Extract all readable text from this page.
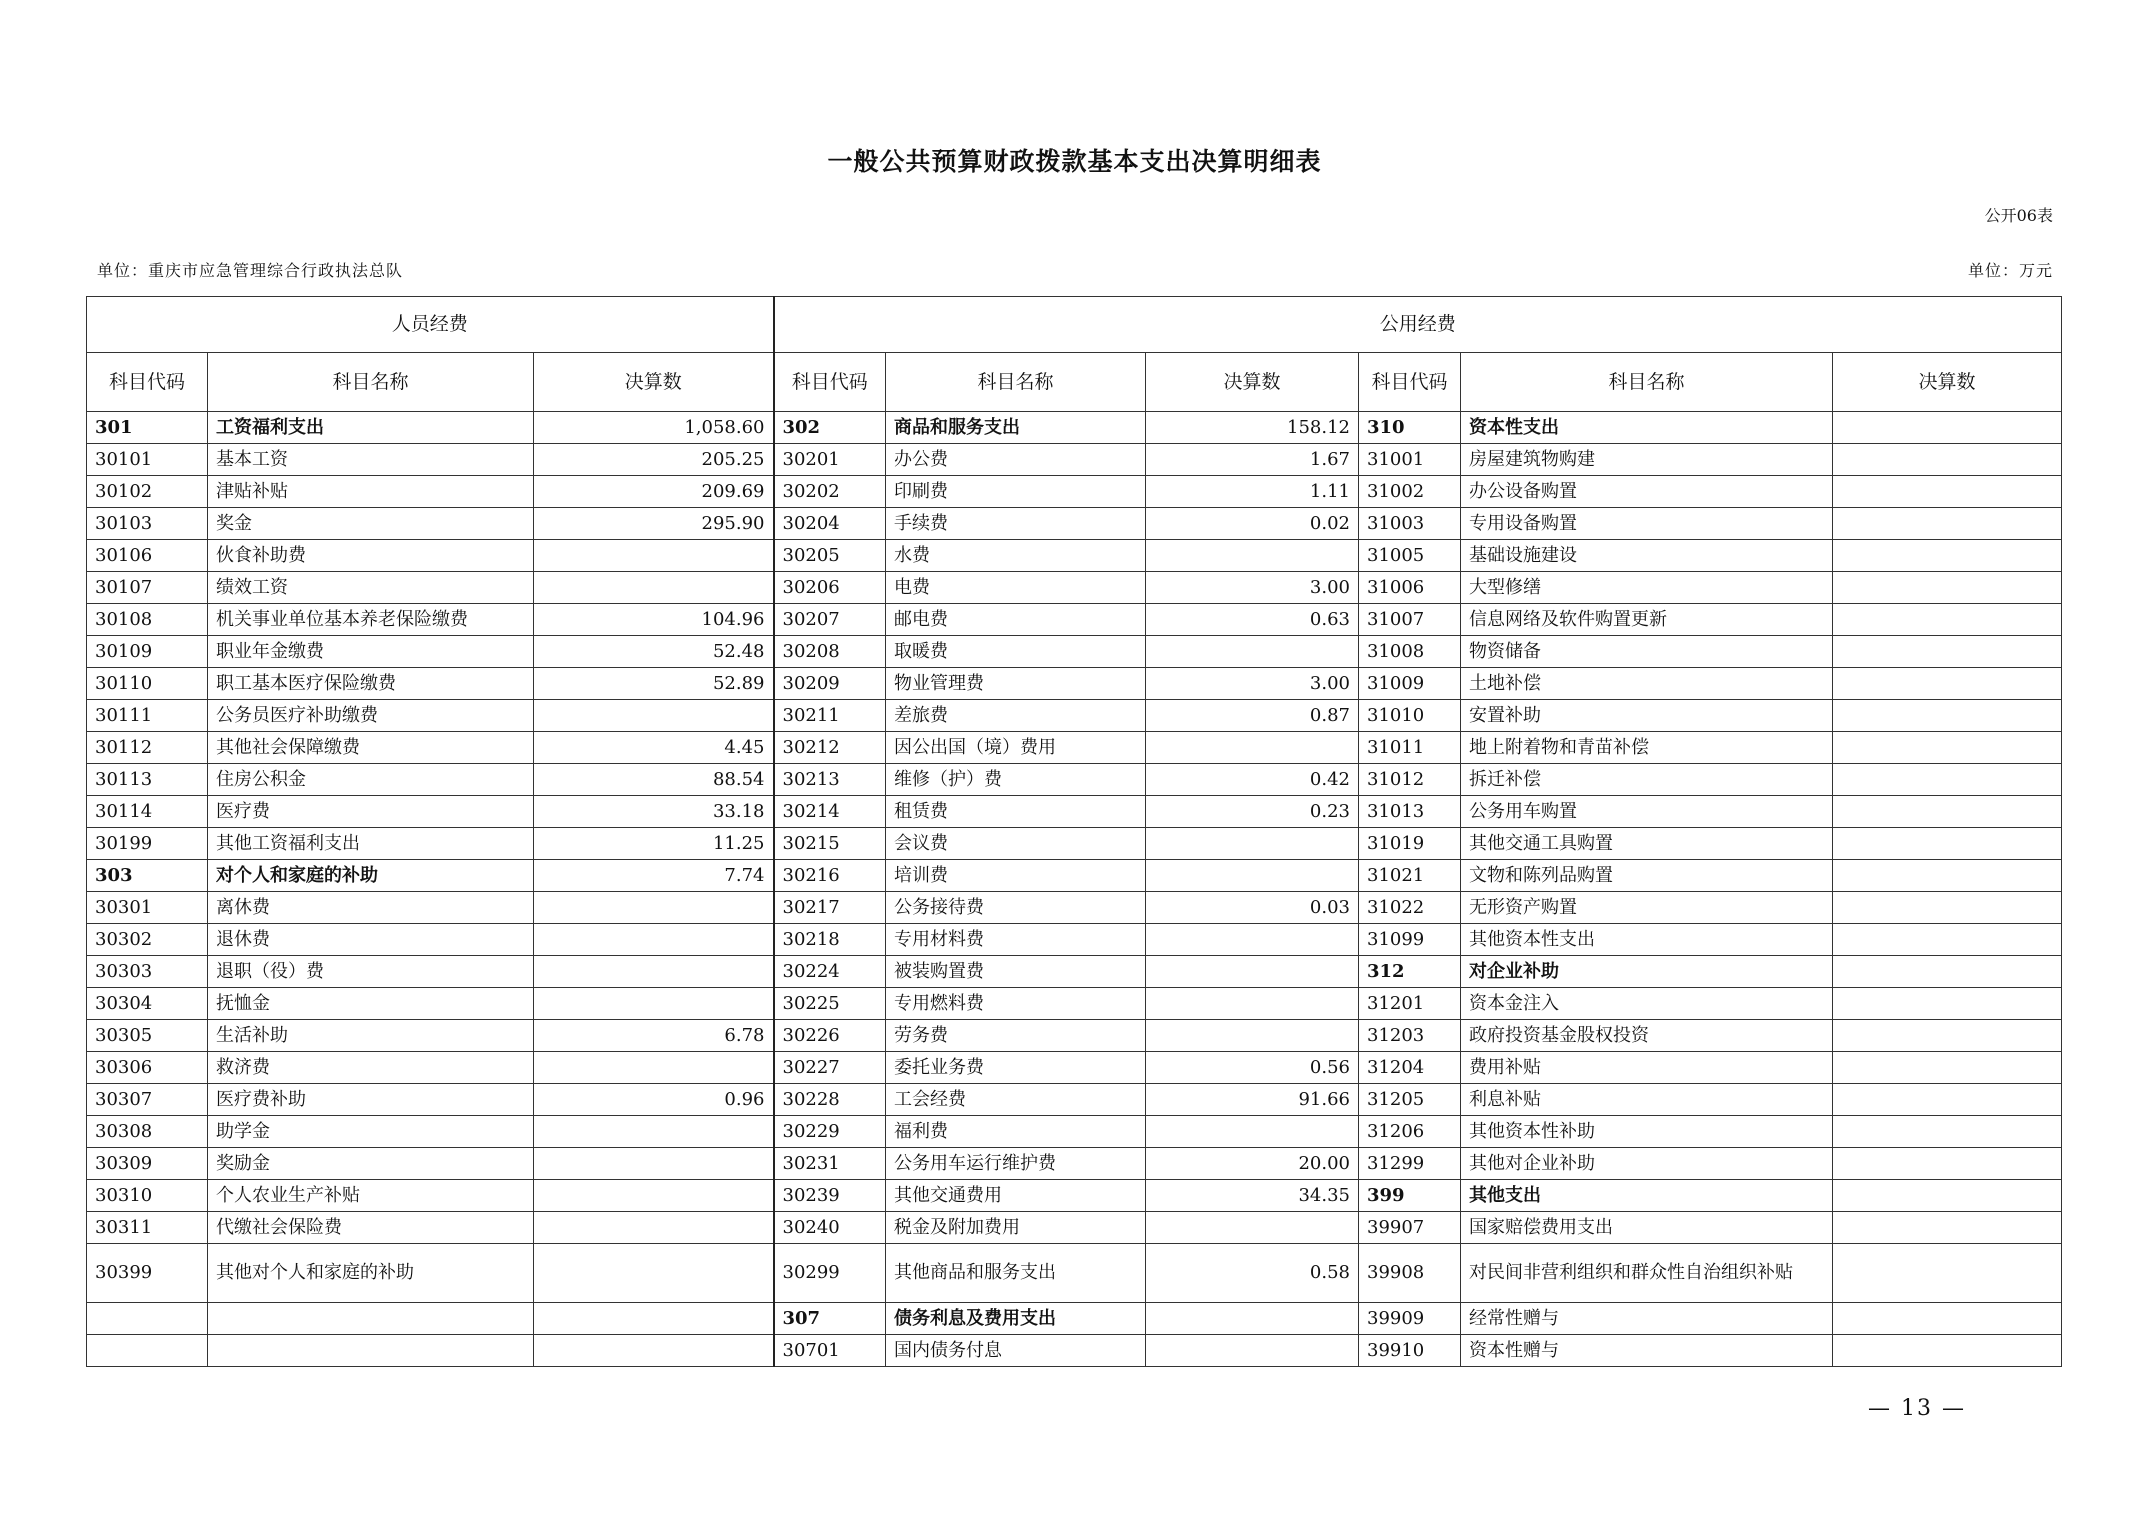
一般公共预算财政拨款基本支出决算明细表
公开06表
单位：重庆市应急管理综合行政执法总队	单位：万元
人员经费			公用经费					
科目代码	科目名称	决算数	科目代码	科目名称	决算数	科目代码	科目名称	决算数
301	工资福利支出	1,058.60	302	商品和服务支出	158.12	310	资本性支出	
30101	基本工资	205.25	30201	办公费	1.67	31001	房屋建筑物购建	
30102	津贴补贴	209.69	30202	印刷费	1.11	31002	办公设备购置	
30103	奖金	295.90	30204	手续费	0.02	31003	专用设备购置	
30106	伙食补助费		30205	水费		31005	基础设施建设	
30107	绩效工资		30206	电费	3.00	31006	大型修缮	
30108	机关事业单位基本养老保险缴费	104.96	30207	邮电费	0.63	31007	信息网络及软件购置更新	
30109	职业年金缴费	52.48	30208	取暖费		31008	物资储备	
30110	职工基本医疗保险缴费	52.89	30209	物业管理费	3.00	31009	土地补偿	
30111	公务员医疗补助缴费		30211	差旅费	0.87	31010	安置补助	
30112	其他社会保障缴费	4.45	30212	因公出国（境）费用		31011	地上附着物和青苗补偿	
30113	住房公积金	88.54	30213	维修（护）费	0.42	31012	拆迁补偿	
30114	医疗费	33.18	30214	租赁费	0.23	31013	公务用车购置	
30199	其他工资福利支出	11.25	30215	会议费		31019	其他交通工具购置	
303	对个人和家庭的补助	7.74	30216	培训费		31021	文物和陈列品购置	
30301	离休费		30217	公务接待费	0.03	31022	无形资产购置	
30302	退休费		30218	专用材料费		31099	其他资本性支出	
30303	退职（役）费		30224	被装购置费		312	对企业补助	
30304	抚恤金		30225	专用燃料费		31201	资本金注入	
30305	生活补助	6.78	30226	劳务费		31203	政府投资基金股权投资	
30306	救济费		30227	委托业务费	0.56	31204	费用补贴	
30307	医疗费补助	0.96	30228	工会经费	91.66	31205	利息补贴	
30308	助学金		30229	福利费		31206	其他资本性补助	
30309	奖励金		30231	公务用车运行维护费	20.00	31299	其他对企业补助	
30310	个人农业生产补贴		30239	其他交通费用	34.35	399	其他支出	
30311	代缴社会保险费		30240	税金及附加费用		39907	国家赔偿费用支出	
30399	其他对个人和家庭的补助		30299	其他商品和服务支出	0.58	39908	对民间非营利组织和群众性自治组织补贴	
			307	债务利息及费用支出		39909	经常性赠与	
			30701	国内债务付息		39910	资本性赠与	
— 13 —
